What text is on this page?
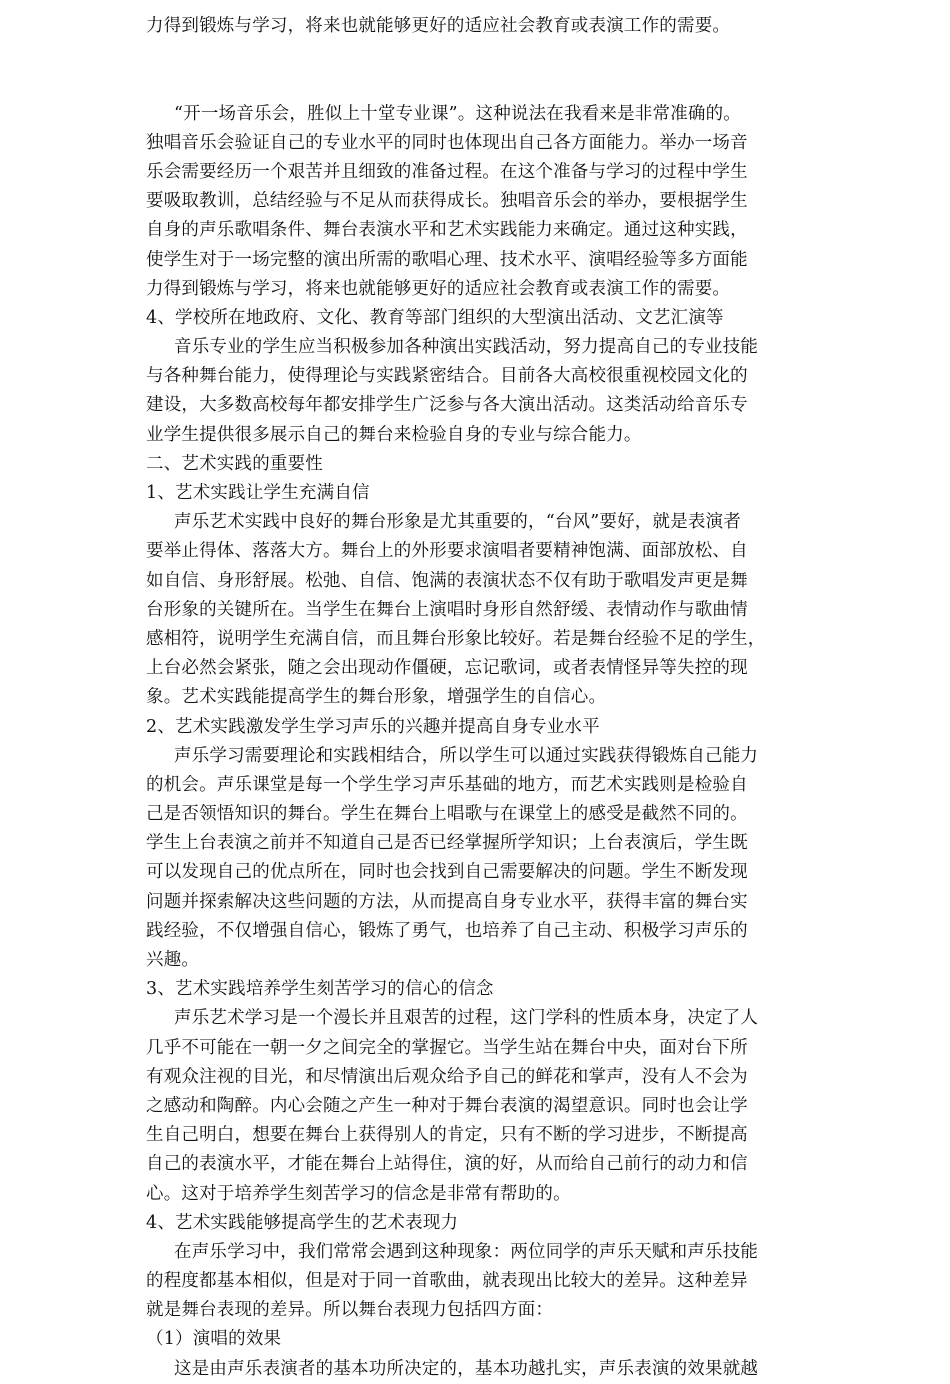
力得到锻炼与学习，将来也就能够更好的适应社会教育或表演工作的需要。
“开一场音乐会，胜似上十堂专业课”。这种说法在我看来是非常准确的。
独唱音乐会验证自己的专业水平的同时也体现出自己各方面能力。举办一场音
乐会需要经历一个艰苦并且细致的准备过程。在这个准备与学习的过程中学生
要吸取教训，总结经验与不足从而获得成长。独唱音乐会的举办，要根据学生
自身的声乐歌唱条件、舞台表演水平和艺术实践能力来确定。通过这种实践，
使学生对于一场完整的演出所需的歌唱心理、技术水平、演唱经验等多方面能
力得到锻炼与学习，将来也就能够更好的适应社会教育或表演工作的需要。
4、学校所在地政府、文化、教育等部门组织的大型演出活动、文艺汇演等
音乐专业的学生应当积极参加各种演出实践活动，努力提高自己的专业技能
与各种舞台能力，使得理论与实践紧密结合。目前各大高校很重视校园文化的
建设，大多数高校每年都安排学生广泛参与各大演出活动。这类活动给音乐专
业学生提供很多展示自己的舞台来检验自身的专业与综合能力。
二、艺术实践的重要性
1、艺术实践让学生充满自信
声乐艺术实践中良好的舞台形象是尤其重要的，“台风”要好，就是表演者
要举止得体、落落大方。舞台上的外形要求演唱者要精神饱满、面部放松、自
如自信、身形舒展。松弛、自信、饱满的表演状态不仅有助于歌唱发声更是舞
台形象的关键所在。当学生在舞台上演唱时身形自然舒缓、表情动作与歌曲情
感相符，说明学生充满自信，而且舞台形象比较好。若是舞台经验不足的学生，
上台必然会紧张，随之会出现动作僵硬，忘记歌词，或者表情怪异等失控的现
象。艺术实践能提高学生的舞台形象，增强学生的自信心。
2、艺术实践激发学生学习声乐的兴趣并提高自身专业水平
声乐学习需要理论和实践相结合，所以学生可以通过实践获得锻炼自己能力
的机会。声乐课堂是每一个学生学习声乐基础的地方，而艺术实践则是检验自
己是否领悟知识的舞台。学生在舞台上唱歌与在课堂上的感受是截然不同的。
学生上台表演之前并不知道自己是否已经掌握所学知识；上台表演后，学生既
可以发现自己的优点所在，同时也会找到自己需要解决的问题。学生不断发现
问题并探索解决这些问题的方法，从而提高自身专业水平，获得丰富的舞台实
践经验，不仅增强自信心，锻炼了勇气，也培养了自己主动、积极学习声乐的
兴趣。
3、艺术实践培养学生刻苦学习的信心的信念
声乐艺术学习是一个漫长并且艰苦的过程，这门学科的性质本身，决定了人
几乎不可能在一朝一夕之间完全的掌握它。当学生站在舞台中央，面对台下所
有观众注视的目光，和尽情演出后观众给予自己的鲜花和掌声，没有人不会为
之感动和陶醉。内心会随之产生一种对于舞台表演的渴望意识。同时也会让学
生自己明白，想要在舞台上获得别人的肯定，只有不断的学习进步，不断提高
自己的表演水平，才能在舞台上站得住，演的好，从而给自己前行的动力和信
心。这对于培养学生刻苦学习的信念是非常有帮助的。
4、艺术实践能够提高学生的艺术表现力
在声乐学习中，我们常常会遇到这种现象：两位同学的声乐天赋和声乐技能
的程度都基本相似，但是对于同一首歌曲，就表现出比较大的差异。这种差异
就是舞台表现的差异。所以舞台表现力包括四方面：
（1）演唱的效果
这是由声乐表演者的基本功所决定的，基本功越扎实，声乐表演的效果就越
